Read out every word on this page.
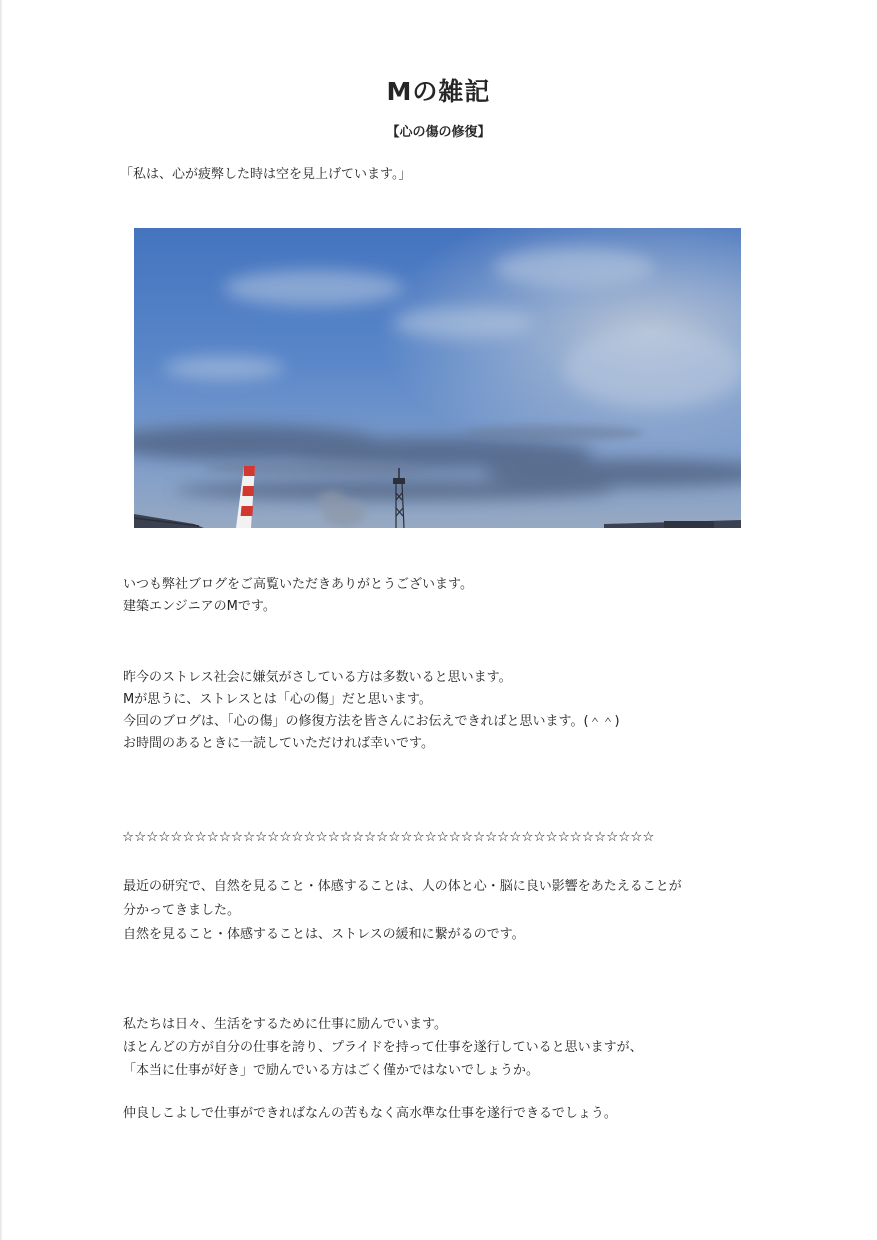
Mの雑記
【心の傷の修復】
「私は、心が疲弊した時は空を見上げています。」
いつも弊社ブログをご高覧いただきありがとうございます。
建築エンジニアのMです。
昨今のストレス社会に嫌気がさしている方は多数いると思います。
Mが思うに、ストレスとは「心の傷」だと思います。
今回のブログは、「心の傷」の修復方法を皆さんにお伝えできればと思います。(＾＾)
お時間のあるときに一読していただければ幸いです。
☆☆☆☆☆☆☆☆☆☆☆☆☆☆☆☆☆☆☆☆☆☆☆☆☆☆☆☆☆☆☆☆☆☆☆☆☆☆☆☆☆☆☆☆
最近の研究で、自然を見ること・体感することは、人の体と心・脳に良い影響をあたえることが
分かってきました。
自然を見ること・体感することは、ストレスの緩和に繋がるのです。
私たちは日々、生活をするために仕事に励んでいます。
ほとんどの方が自分の仕事を誇り、プライドを持って仕事を遂行していると思いますが、
「本当に仕事が好き」で励んでいる方はごく僅かではないでしょうか。
仲良しこよしで仕事ができればなんの苦もなく高水準な仕事を遂行できるでしょう。
